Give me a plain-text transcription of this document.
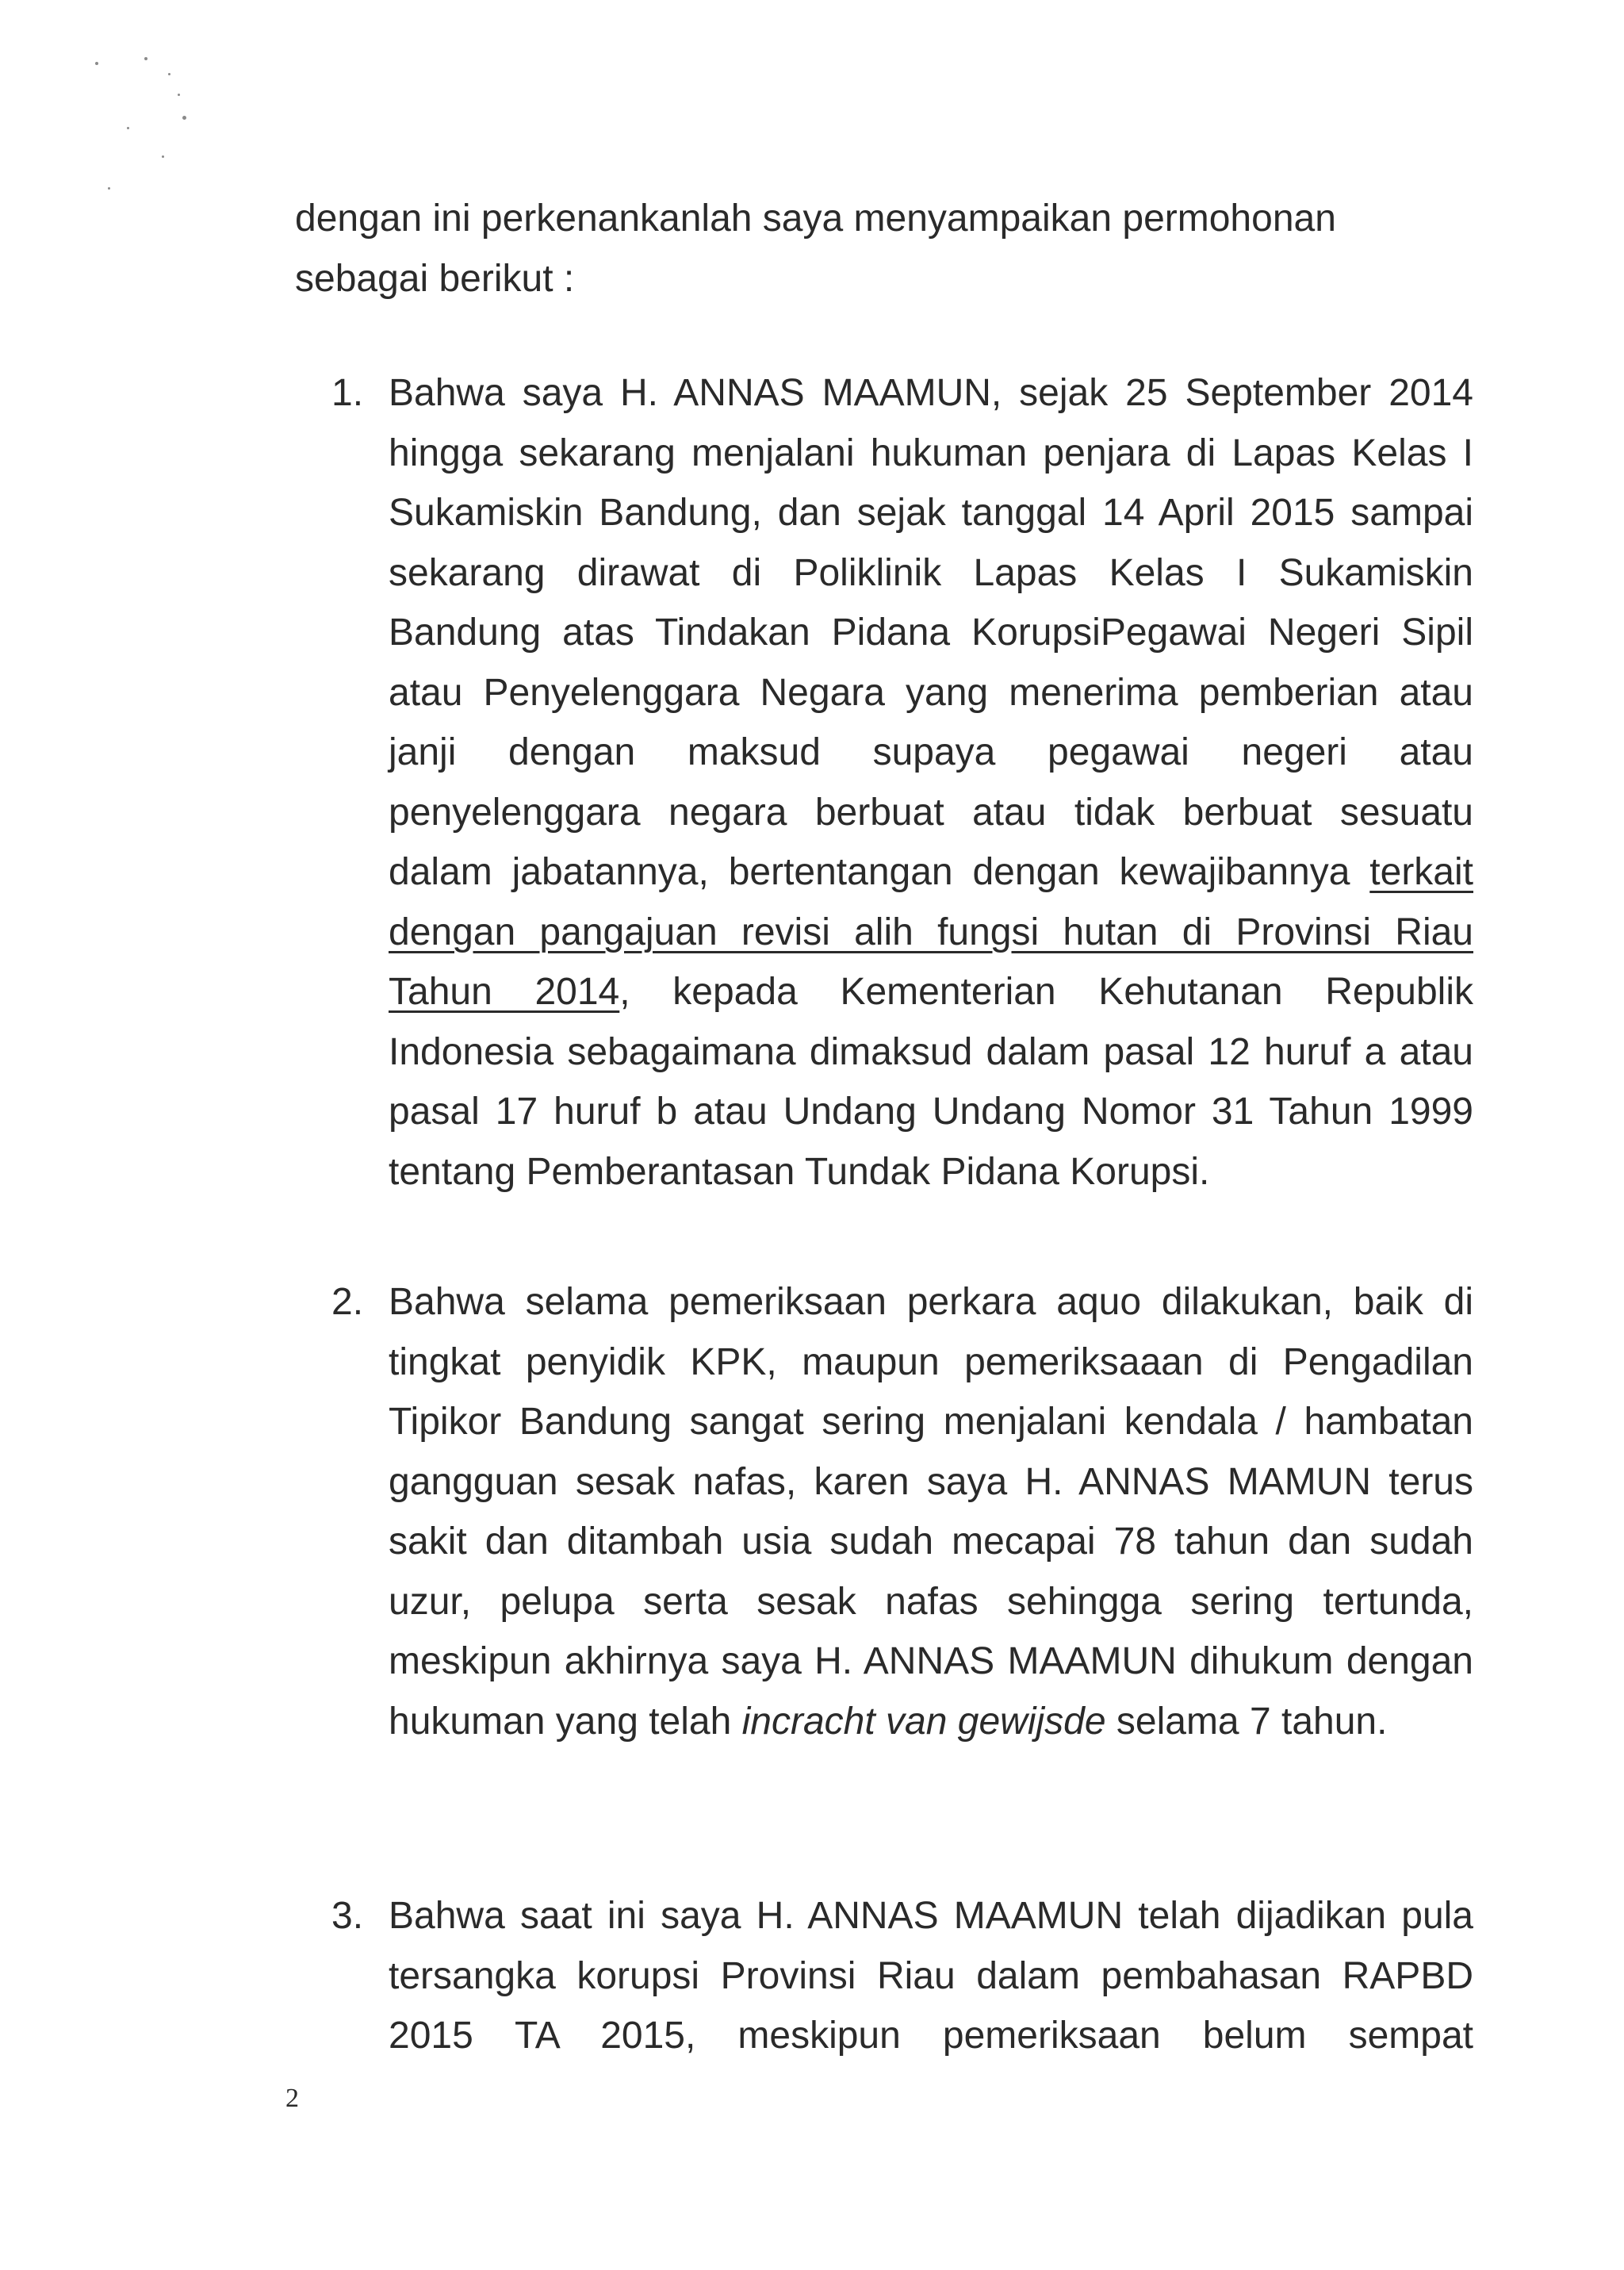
dengan ini perkenankanlah saya menyampaikan permohonan sebagai berikut :

1. Bahwa saya H. ANNAS MAAMUN, sejak 25 September 2014 hingga sekarang menjalani hukuman penjara di Lapas Kelas I Sukamiskin Bandung, dan sejak tanggal 14 April 2015 sampai sekarang dirawat di Poliklinik Lapas Kelas I Sukamiskin Bandung atas Tindakan Pidana KorupsiPegawai Negeri Sipil atau Penyelenggara Negara yang menerima pemberian atau janji dengan maksud supaya pegawai negeri atau penyelenggara negara berbuat atau tidak berbuat sesuatu dalam jabatannya, bertentangan dengan kewajibannya terkait dengan pangajuan revisi alih fungsi hutan di Provinsi Riau Tahun 2014, kepada Kementerian Kehutanan Republik Indonesia sebagaimana dimaksud dalam pasal 12 huruf a atau pasal 17 huruf b atau Undang Undang Nomor 31 Tahun 1999 tentang Pemberantasan Tundak Pidana Korupsi.

2. Bahwa selama pemeriksaan perkara aquo dilakukan, baik di tingkat penyidik KPK, maupun pemeriksaaan di Pengadilan Tipikor Bandung sangat sering menjalani kendala / hambatan gangguan sesak nafas, karen saya H. ANNAS MAMUN terus sakit dan ditambah usia sudah mecapai 78 tahun dan sudah uzur, pelupa serta sesak nafas sehingga sering tertunda, meskipun akhirnya saya H. ANNAS MAAMUN dihukum dengan hukuman yang telah incracht van gewijsde selama 7 tahun.

3. Bahwa saat ini saya H. ANNAS MAAMUN telah dijadikan pula tersangka korupsi Provinsi Riau dalam pembahasan RAPBD 2015 TA 2015, meskipun pemeriksaan belum sempat

2
